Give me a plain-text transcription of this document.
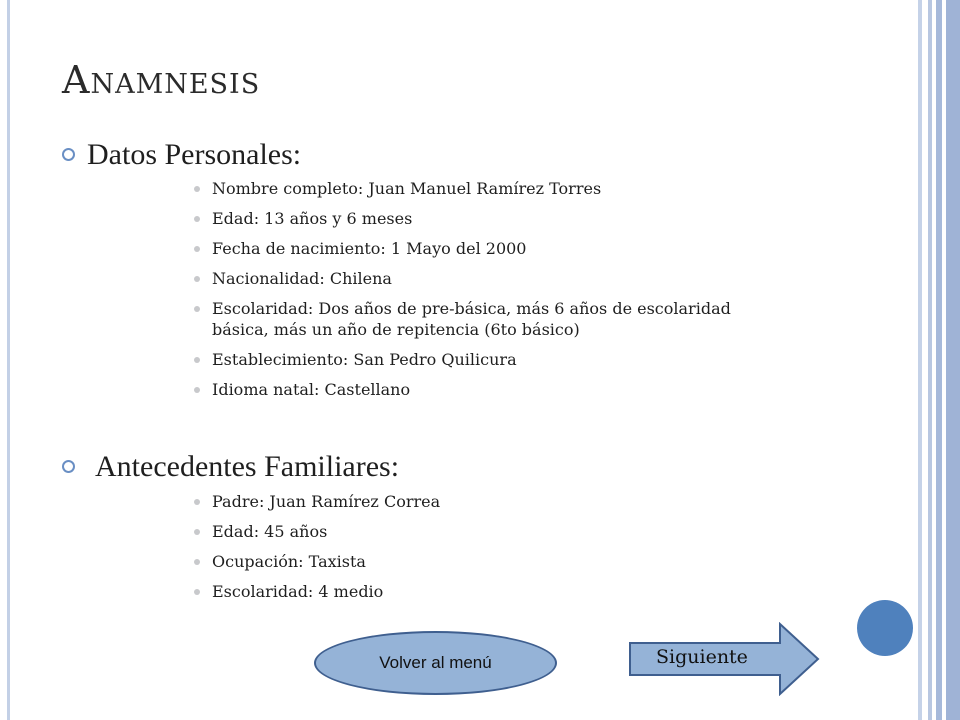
Anamnesis

Datos Personales:

Nombre completo: Juan Manuel Ramírez Torres
Edad: 13 años y 6 meses
Fecha de nacimiento: 1 Mayo del 2000
Nacionalidad: Chilena
Escolaridad: Dos años de pre-básica, más 6 años de escolaridad básica, más un año de repitencia (6to básico)
Establecimiento: San Pedro Quilicura
Idioma natal: Castellano

Antecedentes Familiares:

Padre: Juan Ramírez Correa
Edad: 45 años
Ocupación: Taxista
Escolaridad: 4 medio
Volver al menú	Siguiente
